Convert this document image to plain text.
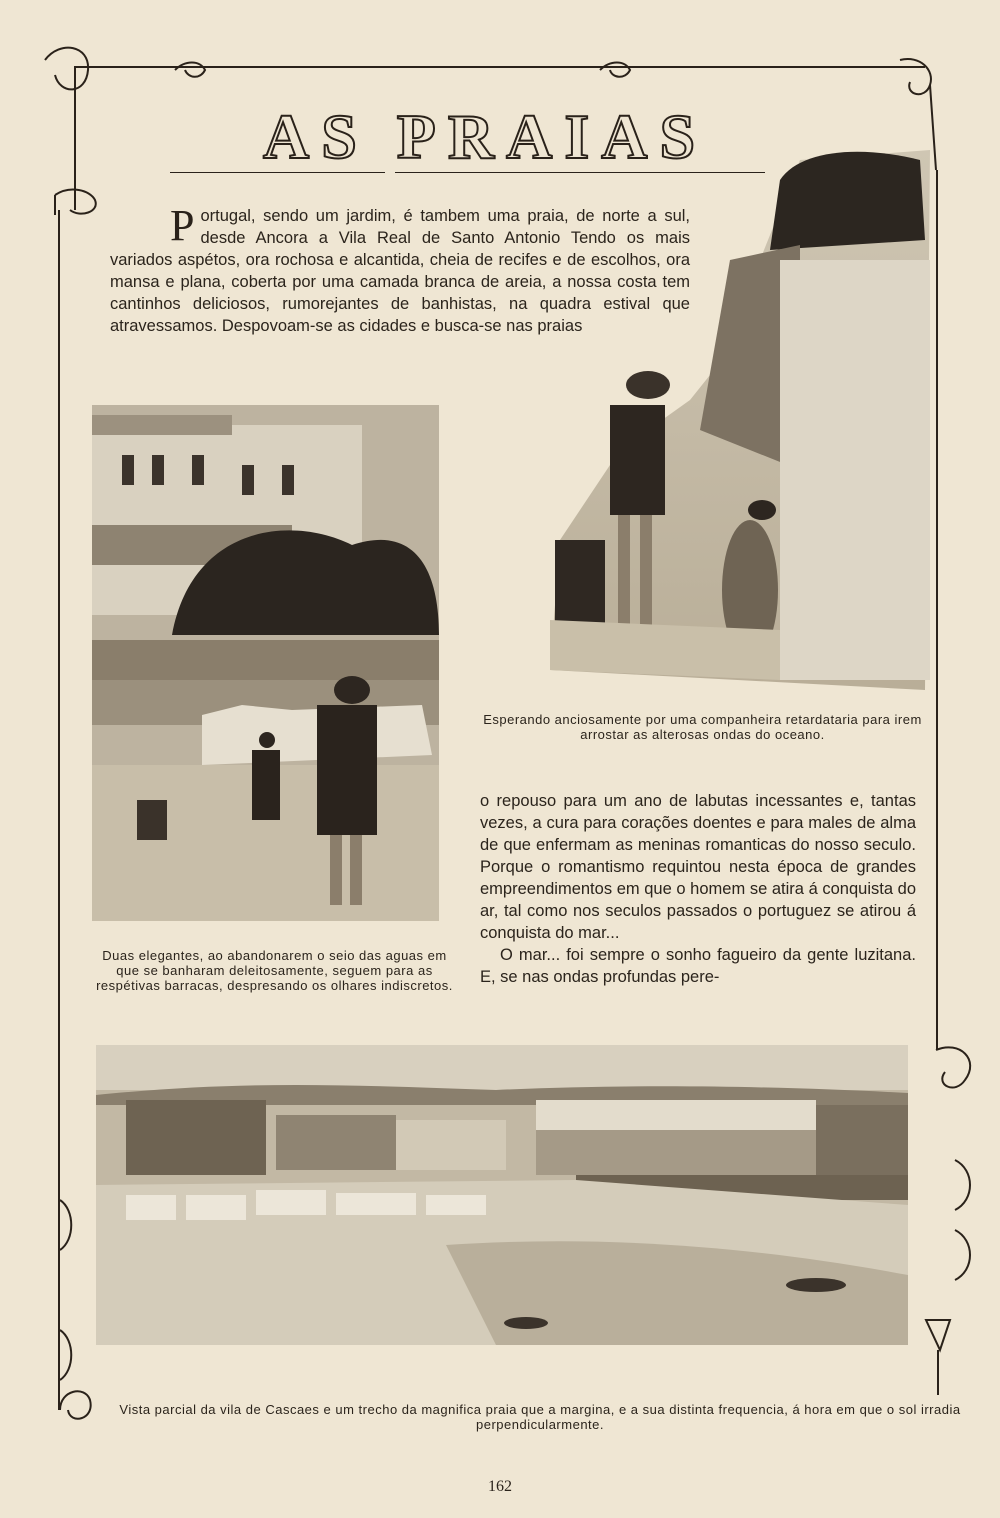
AS PRAIAS
Portugal, sendo um jardim, é tambem uma praia, de norte a sul, desde Ancora a Vila Real de Santo Antonio Tendo os mais variados aspétos, ora rochosa e alcantida, cheia de recifes e de escolhos, ora mansa e plana, coberta por uma camada branca de areia, a nossa costa tem cantinhos deliciosos, rumorejantes de banhistas, na quadra estival que atravessamos. Despovoam-se as cidades e busca-se nas praias
Esperando anciosamente por uma companheira retardataria para irem arrostar as alterosas ondas do oceano.
Duas elegantes, ao abandonarem o seio das aguas em que se banharam deleitosamente, seguem para as respétivas barracas, despresando os olhares indiscretos.

o repouso para um ano de labutas incessantes e, tantas vezes, a cura para corações doentes e para males de alma de que enfermam as meninas romanticas do nosso seculo. Porque o romantismo requintou nesta época de grandes empreendimentos em que o homem se atira á conquista do ar, tal como nos seculos passados o portuguez se atirou á conquista do mar...

O mar... foi sempre o sonho fagueiro da gente luzitana. E, se nas ondas profundas pere-

Vista parcial da vila de Cascaes e um trecho da magnifica praia que a margina, e a sua distinta frequencia, á hora em que o sol irradia perpendicularmente.
162
